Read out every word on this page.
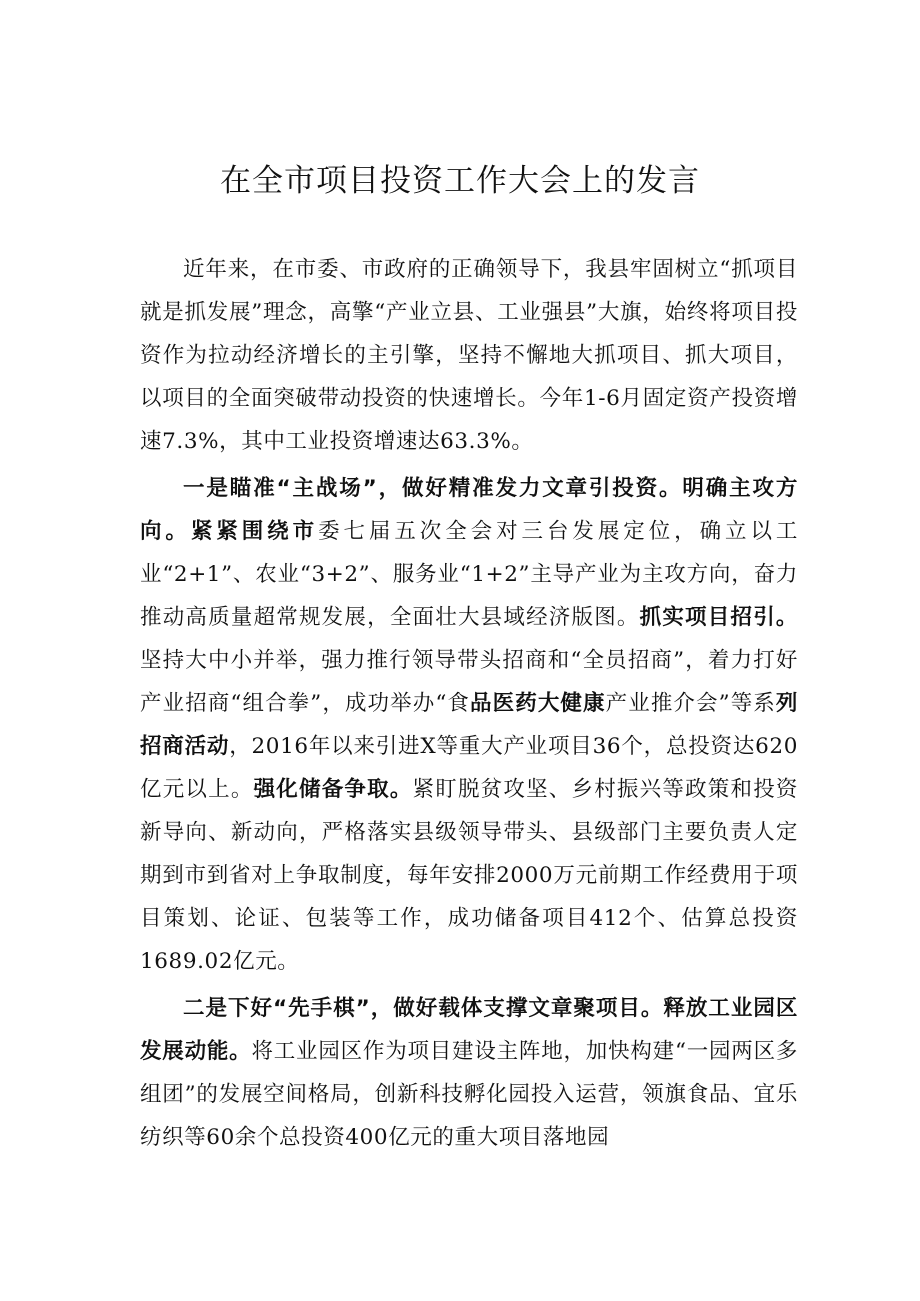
在全市项目投资工作大会上的发言

近年来，在市委、市政府的正确领导下，我县牢固树立“抓项目就是抓发展”理念，高擎“产业立县、工业强县”大旗，始终将项目投资作为拉动经济增长的主引擎，坚持不懈地大抓项目、抓大项目，以项目的全面突破带动投资的快速增长。今年1-6月固定资产投资增速7.3%，其中工业投资增速达63.3%。

一是瞄准“主战场”，做好精准发力文章引投资。明确主攻方向。紧紧围绕市委七届五次全会对三台发展定位，确立以工业“2+1”、农业“3+2”、服务业“1+2”主导产业为主攻方向，奋力推动高质量超常规发展，全面壮大县域经济版图。抓实项目招引。坚持大中小并举，强力推行领导带头招商和“全员招商”，着力打好产业招商“组合拳”，成功举办“食品医药大健康产业推介会”等系列招商活动，2016年以来引进X等重大产业项目36个，总投资达620亿元以上。强化储备争取。紧盯脱贫攻坚、乡村振兴等政策和投资新导向、新动向，严格落实县级领导带头、县级部门主要负责人定期到市到省对上争取制度，每年安排2000万元前期工作经费用于项目策划、论证、包装等工作，成功储备项目412个、估算总投资1689.02亿元。

二是下好“先手棋”，做好载体支撑文章聚项目。释放工业园区发展动能。将工业园区作为项目建设主阵地，加快构建“一园两区多组团”的发展空间格局，创新科技孵化园投入运营，领旗食品、宜乐纺织等60余个总投资400亿元的重大项目落地园
